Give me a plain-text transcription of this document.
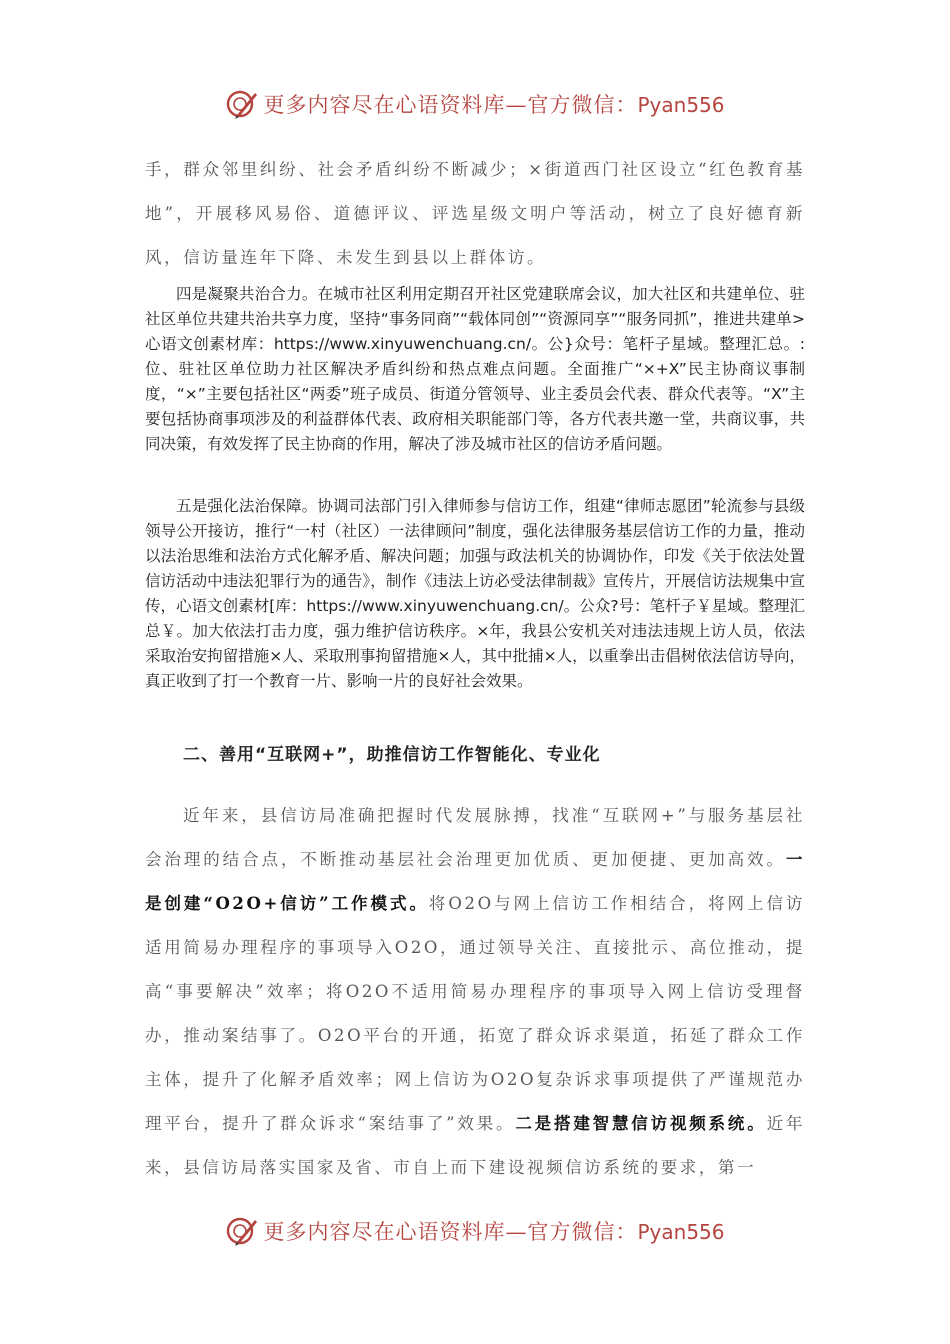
更多内容尽在心语资料库—官方微信：Pyan556

手，群众邻里纠纷、社会矛盾纠纷不断减少；×街道西门社区设立“红色教育基地”，开展移风易俗、道德评议、评选星级文明户等活动，树立了良好德育新风，信访量连年下降、未发生到县以上群体访。

四是凝聚共治合力。在城市社区利用定期召开社区党建联席会议，加大社区和共建单位、驻社区单位共建共治共享力度，坚持“事务同商”“载体同创”“资源同享”“服务同抓”，推进共建单>心语文创素材库：https://www.xinyuwenchuang.cn/。公}众号：笔杆子星域。整理汇总。:位、驻社区单位助力社区解决矛盾纠纷和热点难点问题。全面推广“×+X”民主协商议事制度，“×”主要包括社区“两委”班子成员、街道分管领导、业主委员会代表、群众代表等。“X”主要包括协商事项涉及的利益群体代表、政府相关职能部门等，各方代表共邀一堂，共商议事，共同决策，有效发挥了民主协商的作用，解决了涉及城市社区的信访矛盾问题。

五是强化法治保障。协调司法部门引入律师参与信访工作，组建“律师志愿团”轮流参与县级领导公开接访，推行“一村（社区）一法律顾问”制度，强化法律服务基层信访工作的力量，推动以法治思维和法治方式化解矛盾、解决问题；加强与政法机关的协调协作，印发《关于依法处置信访活动中违法犯罪行为的通告》，制作《违法上访必受法律制裁》宣传片，开展信访法规集中宣传，心语文创素材[库：https://www.xinyuwenchuang.cn/。公众?号：笔杆子￥星域。整理汇总￥。加大依法打击力度，强力维护信访秩序。×年，我县公安机关对违法违规上访人员，依法采取治安拘留措施×人、采取刑事拘留措施×人，其中批捕×人，以重拳出击倡树依法信访导向，真正收到了打一个教育一片、影响一片的良好社会效果。

二、善用“互联网+”，助推信访工作智能化、专业化

近年来，县信访局准确把握时代发展脉搏，找准“互联网+”与服务基层社会治理的结合点，不断推动基层社会治理更加优质、更加便捷、更加高效。一是创建“O2O+信访”工作模式。将O2O与网上信访工作相结合，将网上信访适用简易办理程序的事项导入O2O，通过领导关注、直接批示、高位推动，提高“事要解决”效率；将O2O不适用简易办理程序的事项导入网上信访受理督办，推动案结事了。O2O平台的开通，拓宽了群众诉求渠道，拓延了群众工作主体，提升了化解矛盾效率；网上信访为O2O复杂诉求事项提供了严谨规范办理平台，提升了群众诉求“案结事了”效果。二是搭建智慧信访视频系统。近年来，县信访局落实国家及省、市自上而下建设视频信访系统的要求，第一

更多内容尽在心语资料库—官方微信：Pyan556
